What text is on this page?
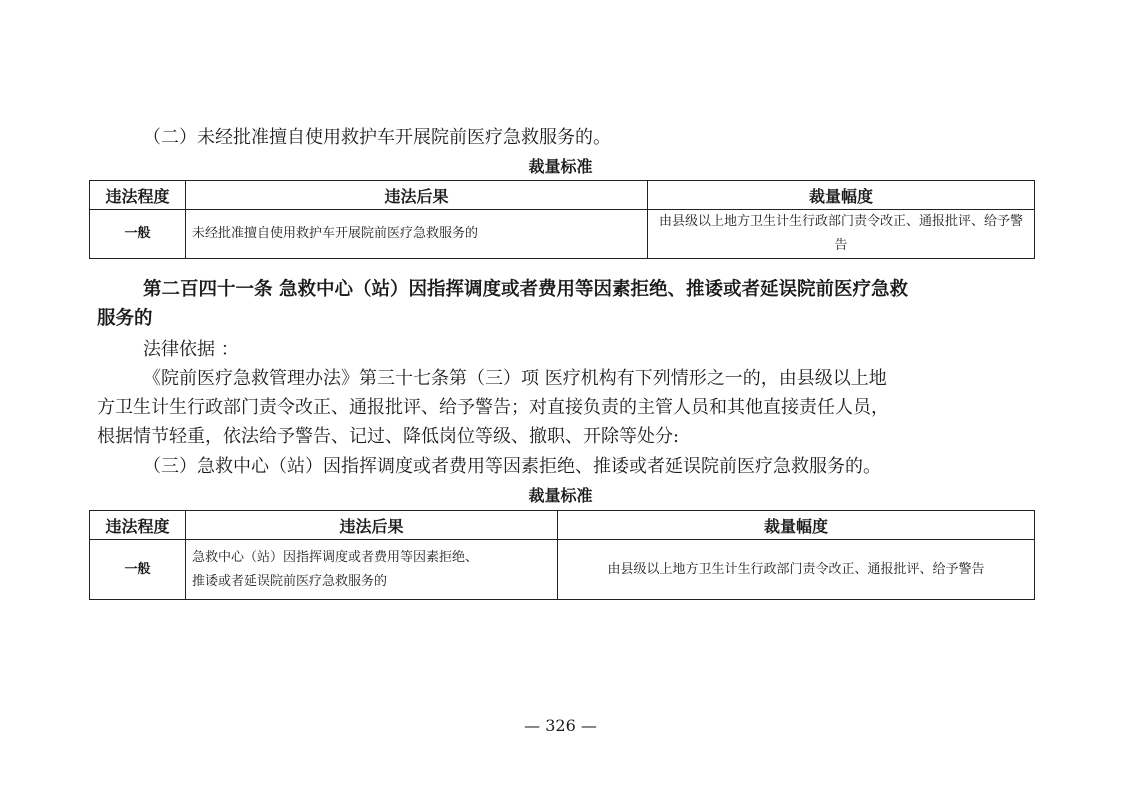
（二）未经批准擅自使用救护车开展院前医疗急救服务的。
裁量标准
违法程度	违法后果	裁量幅度
一般	未经批准擅自使用救护车开展院前医疗急救服务的	由县级以上地方卫生计生行政部门责令改正、通报批评、给予警告
第二百四十一条 急救中心（站）因指挥调度或者费用等因素拒绝、推诿或者延误院前医疗急救
服务的
法律依据 ：
《院前医疗急救管理办法》第三十七条第（三）项 医疗机构有下列情形之一的，由县级以上地
方卫生计生行政部门责令改正、通报批评、给予警告；对直接负责的主管人员和其他直接责任人员，
根据情节轻重，依法给予警告、记过、降低岗位等级、撤职、开除等处分:
（三）急救中心（站）因指挥调度或者费用等因素拒绝、推诿或者延误院前医疗急救服务的。
裁量标准
违法程度	违法后果	裁量幅度
一般	急救中心（站）因指挥调度或者费用等因素拒绝、
推诿或者延误院前医疗急救服务的	由县级以上地方卫生计生行政部门责令改正、通报批评、给予警告
— 326 —
